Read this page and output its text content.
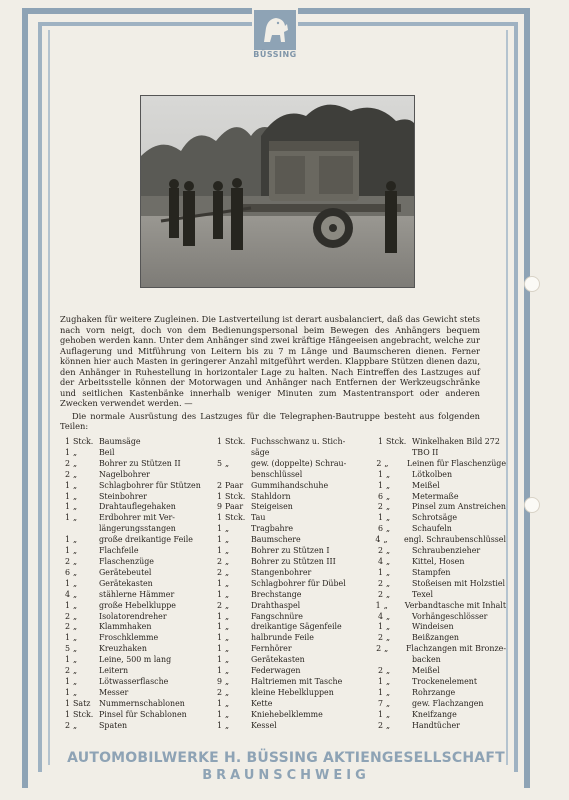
BÜSSING

Zughaken für weitere Zugleinen. Die Lastverteilung ist derart ausbalanciert, daß das Gewicht stets nach vorn neigt, doch von dem Bedienungspersonal beim Bewegen des Anhängers bequem gehoben werden kann. Unter dem Anhänger sind zwei kräftige Hängeeisen angebracht, welche zur Auflagerung und Mitführung von Leitern bis zu 7 m Länge und Baumscheren dienen. Ferner können hier auch Masten in geringerer Anzahl mitgeführt werden. Klappbare Stützen dienen dazu, den Anhänger in Ruhestellung in horizontaler Lage zu halten. Nach Eintreffen des Lastzuges auf der Arbeitsstelle können der Motorwagen und Anhänger nach Entfernen der Werkzeugschränke und seitlichen Kastenbänke innerhalb weniger Minuten zum Mastentransport oder anderen Zwecken verwendet werden. —

Die normale Ausrüstung des Lastzuges für die Telegraphen-Bautruppe besteht aus folgenden Teilen:

1 Stck. Baumsäge
1 „	Beil
2 „	Bohrer zu Stützen II
2 „	Nagelbohrer
1 „	Schlagbohrer für Stützen
1 „	Steinbohrer
1 „	Drahtauflegehaken
1 „	Erdbohrer mit Ver-
längerungsstangen
1 „	große dreikantige Feile
1 „	Flachfeile
2 „	Flaschenzüge
6 „	Gerätebeutel
1 „	Gerätekasten
4 „	stählerne Hämmer
1 „	große Hebelkluppe
2 „	Isolatorendreher
2 „	Klammhaken
1 „	Froschklemme
5 „	Kreuzhaken
1 „	Leine, 500 m lang
2 „	Leitern
1 „	Lötwasserflasche
1 „	Messer
1 Satz	Nummernschablonen
1 Stck. Pinsel für Schablonen
2 „	Spaten
1 Stck. Fuchsschwanz u. Stich-
säge
5 „	gew. (doppelte) Schrau-
benschlüssel
2 Paar Gummihandschuhe
1 Stck. Stahldorn
9 Paar Steigeisen
1 Stck. Tau
1 „	Tragbahre
1 „	Baumschere
1 „	Bohrer zu Stützen I
2 „	Bohrer zu Stützen III
2 „	Stangenbohrer
1 „	Schlagbohrer für Dübel
1 „	Brechstange
2 „	Drahthaspel
1 „	Fangschnüre
1 „	dreikantige Sägenfeile
1 „	halbrunde Feile
1 „	Fernhörer
1 „	Gerätekasten
1 „	Federwagen
9 „	Haltriemen mit Tasche
2 „	kleine Hebelkluppen
1 „	Kette
1 „	Kniehebelklemme
1 „	Kessel
1 Stck. Winkelhaken Bild 272
TBO II
2 „	Leinen für Flaschenzüge
1 „	Lötkolben
1 „	Meißel
6 „	Metermaße
2 „	Pinsel zum Anstreichen
1 „	Schrotsäge
6 „	Schaufeln
4 „	engl. Schraubenschlüssel
2 „	Schraubenzieher
4 „	Kittel, Hosen
1 „	Stampfen
2 „	Stoßeisen mit Holzstiel
2 „	Texel
1 „	Verbandtasche mit Inhalt
4 „	Vorhängeschlösser
1 „	Windeisen
2 „	Beißzangen
2 „	Flachzangen mit Bronze-
backen
2 „	Meißel
1 „	Trockenelement
1 „	Rohrzange
7 „	gew. Flachzangen
1 „	Kneifzange
2 „	Handtücher
AUTOMOBILWERKE H. BÜSSING AKTIENGESELLSCHAFT
BRAUNSCHWEIG
